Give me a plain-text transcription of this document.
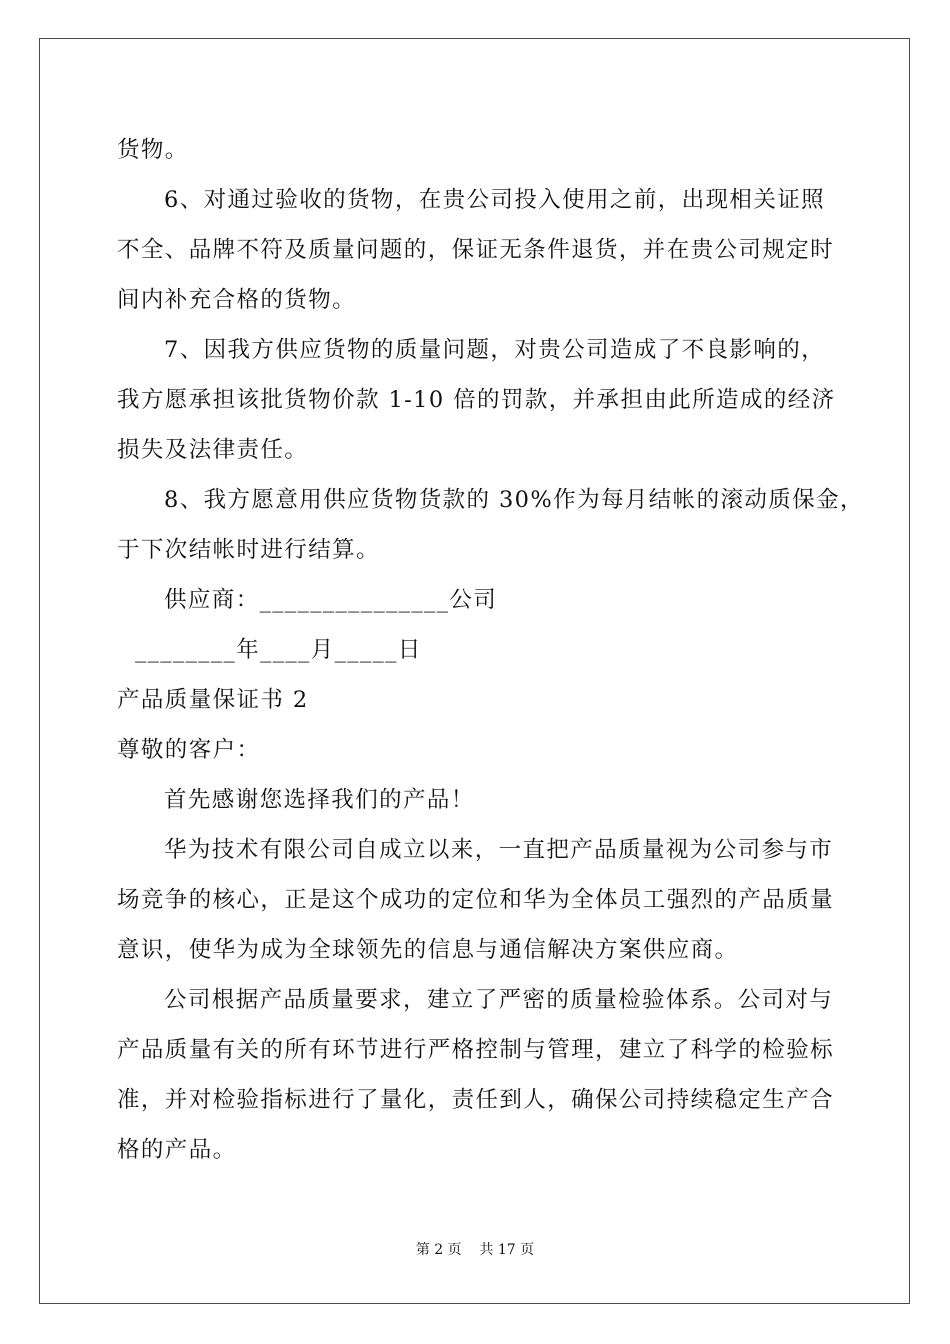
货物。
6、对通过验收的货物，在贵公司投入使用之前，出现相关证照
不全、品牌不符及质量问题的，保证无条件退货，并在贵公司规定时
间内补充合格的货物。
7、因我方供应货物的质量问题，对贵公司造成了不良影响的，
我方愿承担该批货物价款 1-10 倍的罚款，并承担由此所造成的经济
损失及法律责任。
8、我方愿意用供应货物货款的 30%作为每月结帐的滚动质保金，
于下次结帐时进行结算。
供应商：_______________公司
________年____月_____日
产品质量保证书 2
尊敬的客户：
首先感谢您选择我们的产品！
华为技术有限公司自成立以来，一直把产品质量视为公司参与市
场竞争的核心，正是这个成功的定位和华为全体员工强烈的产品质量
意识，使华为成为全球领先的信息与通信解决方案供应商。
公司根据产品质量要求，建立了严密的质量检验体系。公司对与
产品质量有关的所有环节进行严格控制与管理，建立了科学的检验标
准，并对检验指标进行了量化，责任到人，确保公司持续稳定生产合
格的产品。
第 2 页    共 17 页
